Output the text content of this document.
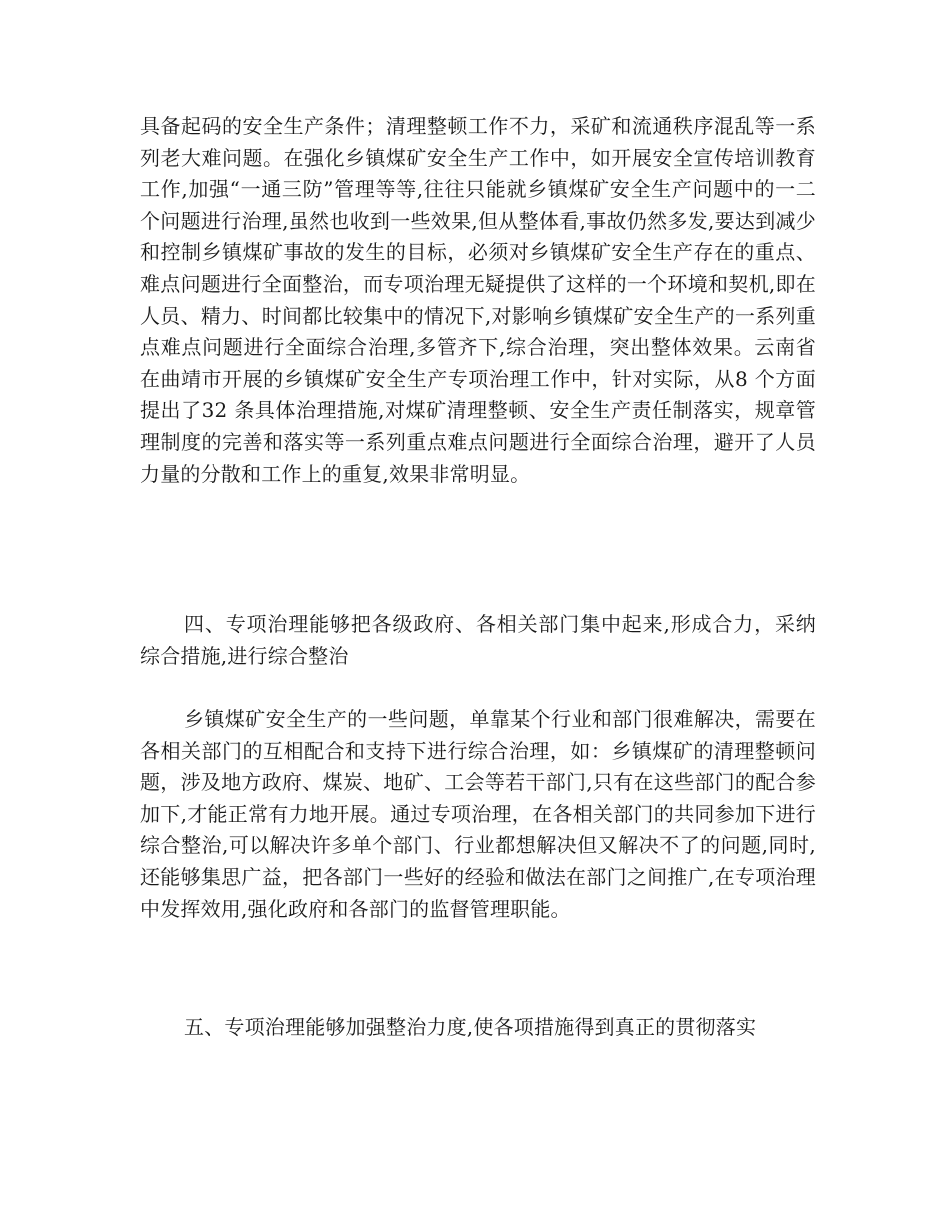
具备起码的安全生产条件；清理整顿工作不力，采矿和流通秩序混乱等一系列老大难问题。在强化乡镇煤矿安全生产工作中，如开展安全宣传培训教育工作,加强“一通三防”管理等等,往往只能就乡镇煤矿安全生产问题中的一二个问题进行治理,虽然也收到一些效果,但从整体看,事故仍然多发,要达到减少和控制乡镇煤矿事故的发生的目标，必须对乡镇煤矿安全生产存在的重点、难点问题进行全面整治，而专项治理无疑提供了这样的一个环境和契机,即在人员、精力、时间都比较集中的情况下,对影响乡镇煤矿安全生产的一系列重点难点问题进行全面综合治理,多管齐下,综合治理，突出整体效果。云南省在曲靖市开展的乡镇煤矿安全生产专项治理工作中，针对实际，从8 个方面提出了32 条具体治理措施,对煤矿清理整顿、安全生产责任制落实，规章管理制度的完善和落实等一系列重点难点问题进行全面综合治理，避开了人员力量的分散和工作上的重复,效果非常明显。

四、专项治理能够把各级政府、各相关部门集中起来,形成合力，采纳综合措施,进行综合整治

乡镇煤矿安全生产的一些问题，单靠某个行业和部门很难解决，需要在各相关部门的互相配合和支持下进行综合治理，如：乡镇煤矿的清理整顿问题，涉及地方政府、煤炭、地矿、工会等若干部门,只有在这些部门的配合参加下,才能正常有力地开展。通过专项治理，在各相关部门的共同参加下进行综合整治,可以解决许多单个部门、行业都想解决但又解决不了的问题,同时,还能够集思广益，把各部门一些好的经验和做法在部门之间推广,在专项治理中发挥效用,强化政府和各部门的监督管理职能。

五、专项治理能够加强整治力度,使各项措施得到真正的贯彻落实
